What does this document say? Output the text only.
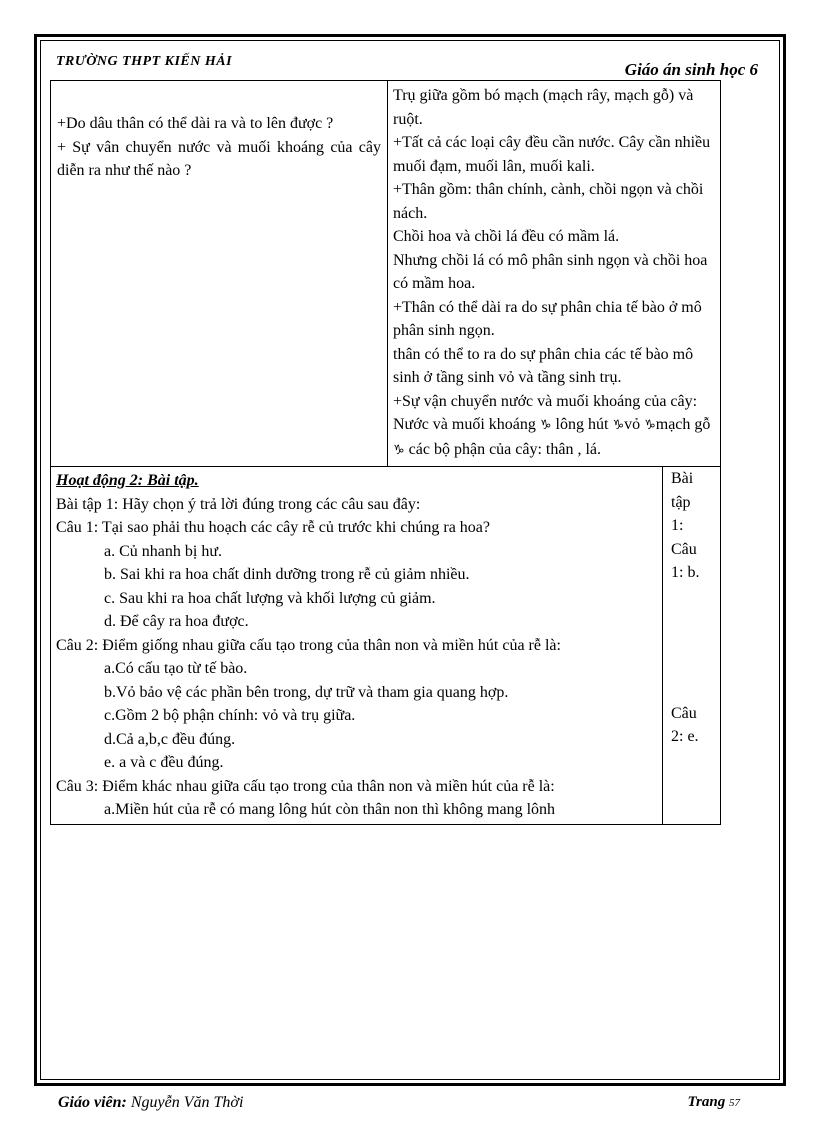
TRƯỜNG THPT KIẾN HẢI	Giáo án sinh học 6

+Do dâu thân có thể dài ra và to lên được ?

+ Sự vân chuyển nước và muối khoáng của cây diễn ra như thế nào ?

Trụ giữa gồm bó mạch (mạch rây, mạch gỗ) và ruột.

+Tất cả các loại cây đều cần nước. Cây cần nhiều muối đạm, muối lân, muối kali.

+Thân gồm: thân chính, cành, chồi ngọn và chồi nách.

Chồi hoa và chồi lá đều có mầm lá.

Nhưng chồi lá có mô phân sinh ngọn và chồi hoa có mầm hoa.

+Thân có thể dài ra do sự phân chia tế bào ở mô phân sinh ngọn.

thân có thể to ra do sự phân chia các tế bào mô sinh ở tầng sinh vỏ và tầng sinh trụ.

+Sự vận chuyển nước và muối khoáng của cây:

Nước và muối khoáng ♑ lông hút ♑vỏ ♑mạch gỗ ♑ các bộ phận của cây: thân , lá.

Hoạt động 2: Bài tập.

Bài tập 1: Hãy chọn ý trả lời đúng trong các câu sau đây:

Câu 1: Tại sao phải thu hoạch các cây rễ củ trước khi chúng ra hoa?

a. Củ nhanh bị hư.

b. Sai khi ra hoa chất dinh dưỡng trong rễ củ giảm nhiều.

c. Sau khi ra hoa chất lượng và khối lượng củ giảm.

d. Để cây ra hoa được.

Câu 2: Điểm giống nhau giữa cấu tạo trong của thân non và miền hút của rễ là:

a.Có cấu tạo từ tế bào.

b.Vỏ bảo vệ các phần bên trong, dự trữ và tham gia quang hợp.

c.Gồm 2 bộ phận chính: vỏ và trụ giữa.

d.Cả a,b,c đều đúng.

e. a và c đều đúng.

Câu 3: Điểm khác nhau giữa cấu tạo trong của thân non và miền hút của rễ là:

a.Miền hút của rễ có mang lông hút còn thân non thì không mang lônh

Bài

tập

1:

Câu

1: b.

Câu

2: e.

Giáo viên: Nguyễn Văn Thời	Trang 57
